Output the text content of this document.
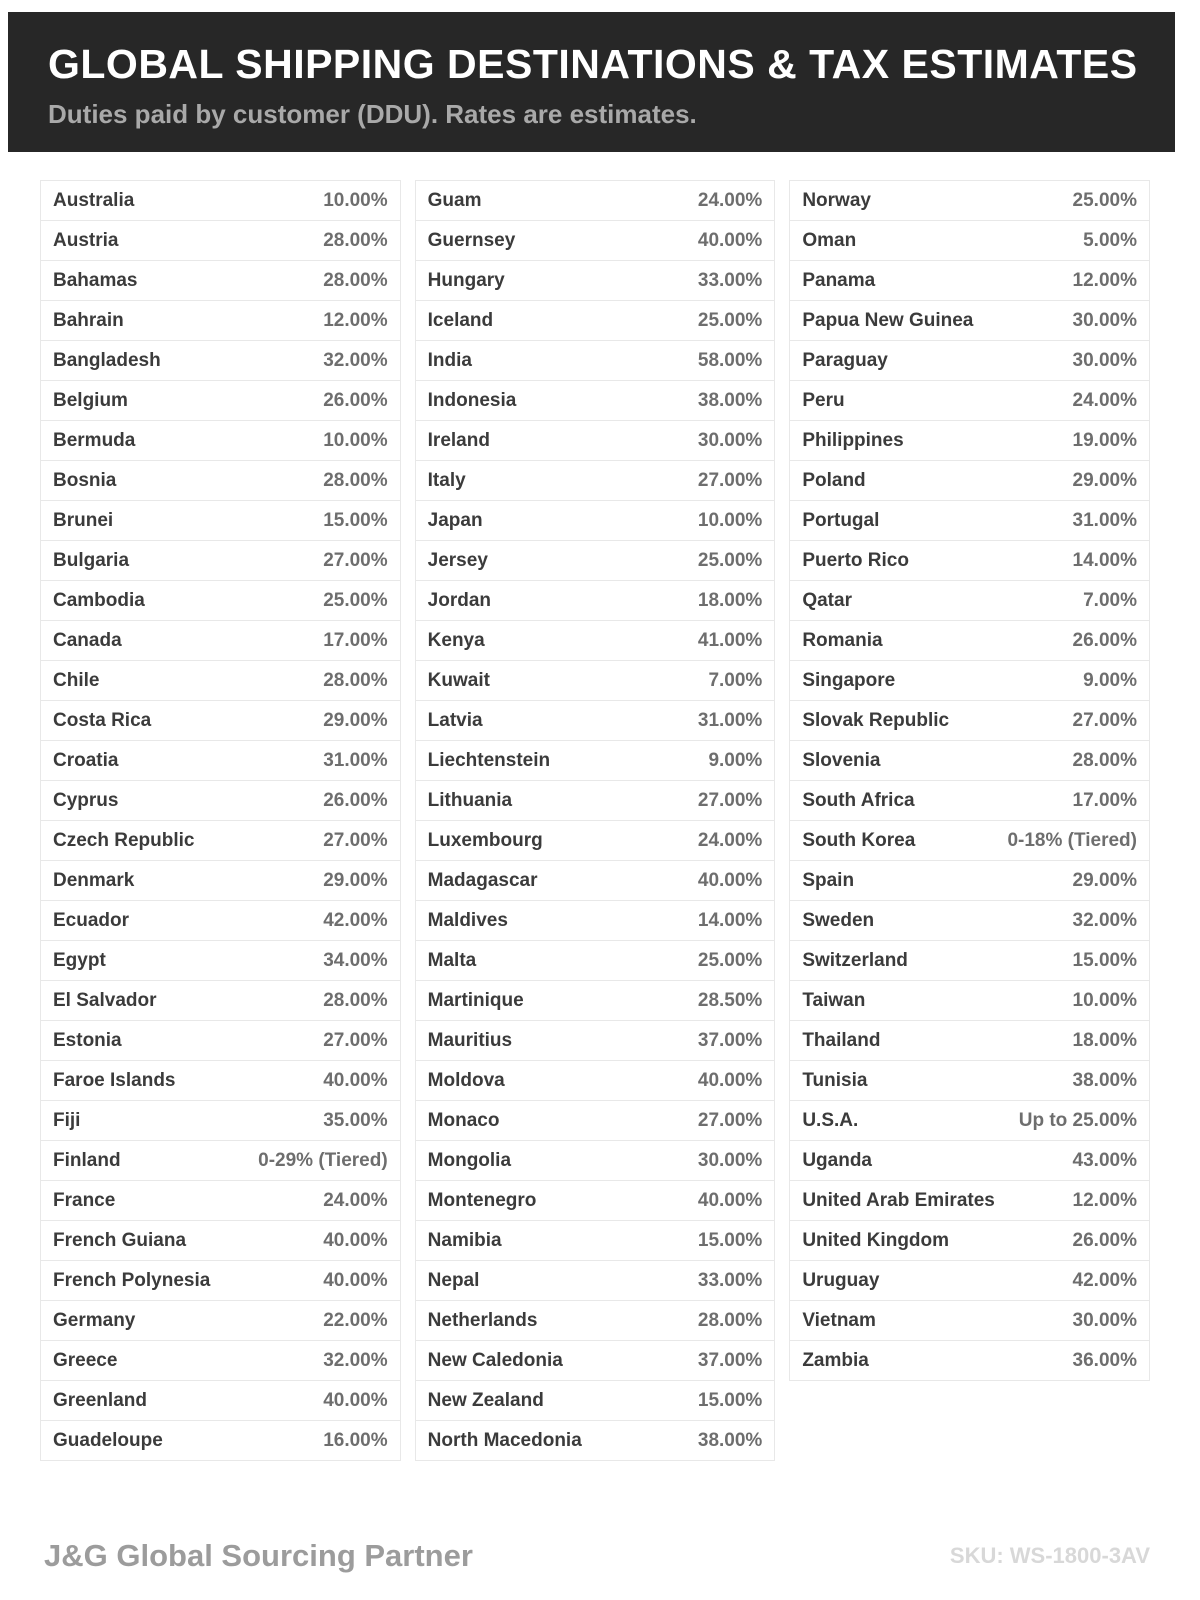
GLOBAL SHIPPING DESTINATIONS & TAX ESTIMATES
Duties paid by customer (DDU). Rates are estimates.
Australia	10.00%
Austria	28.00%
Bahamas	28.00%
Bahrain	12.00%
Bangladesh	32.00%
Belgium	26.00%
Bermuda	10.00%
Bosnia	28.00%
Brunei	15.00%
Bulgaria	27.00%
Cambodia	25.00%
Canada	17.00%
Chile	28.00%
Costa Rica	29.00%
Croatia	31.00%
Cyprus	26.00%
Czech Republic	27.00%
Denmark	29.00%
Ecuador	42.00%
Egypt	34.00%
El Salvador	28.00%
Estonia	27.00%
Faroe Islands	40.00%
Fiji	35.00%
Finland	0-29% (Tiered)
France	24.00%
French Guiana	40.00%
French Polynesia	40.00%
Germany	22.00%
Greece	32.00%
Greenland	40.00%
Guadeloupe	16.00%
Guam	24.00%
Guernsey	40.00%
Hungary	33.00%
Iceland	25.00%
India	58.00%
Indonesia	38.00%
Ireland	30.00%
Italy	27.00%
Japan	10.00%
Jersey	25.00%
Jordan	18.00%
Kenya	41.00%
Kuwait	7.00%
Latvia	31.00%
Liechtenstein	9.00%
Lithuania	27.00%
Luxembourg	24.00%
Madagascar	40.00%
Maldives	14.00%
Malta	25.00%
Martinique	28.50%
Mauritius	37.00%
Moldova	40.00%
Monaco	27.00%
Mongolia	30.00%
Montenegro	40.00%
Namibia	15.00%
Nepal	33.00%
Netherlands	28.00%
New Caledonia	37.00%
New Zealand	15.00%
North Macedonia	38.00%
Norway	25.00%
Oman	5.00%
Panama	12.00%
Papua New Guinea	30.00%
Paraguay	30.00%
Peru	24.00%
Philippines	19.00%
Poland	29.00%
Portugal	31.00%
Puerto Rico	14.00%
Qatar	7.00%
Romania	26.00%
Singapore	9.00%
Slovak Republic	27.00%
Slovenia	28.00%
South Africa	17.00%
South Korea	0-18% (Tiered)
Spain	29.00%
Sweden	32.00%
Switzerland	15.00%
Taiwan	10.00%
Thailand	18.00%
Tunisia	38.00%
U.S.A.	Up to 25.00%
Uganda	43.00%
United Arab Emirates	12.00%
United Kingdom	26.00%
Uruguay	42.00%
Vietnam	30.00%
Zambia	36.00%
J&G Global Sourcing Partner	SKU: WS-1800-3AV
